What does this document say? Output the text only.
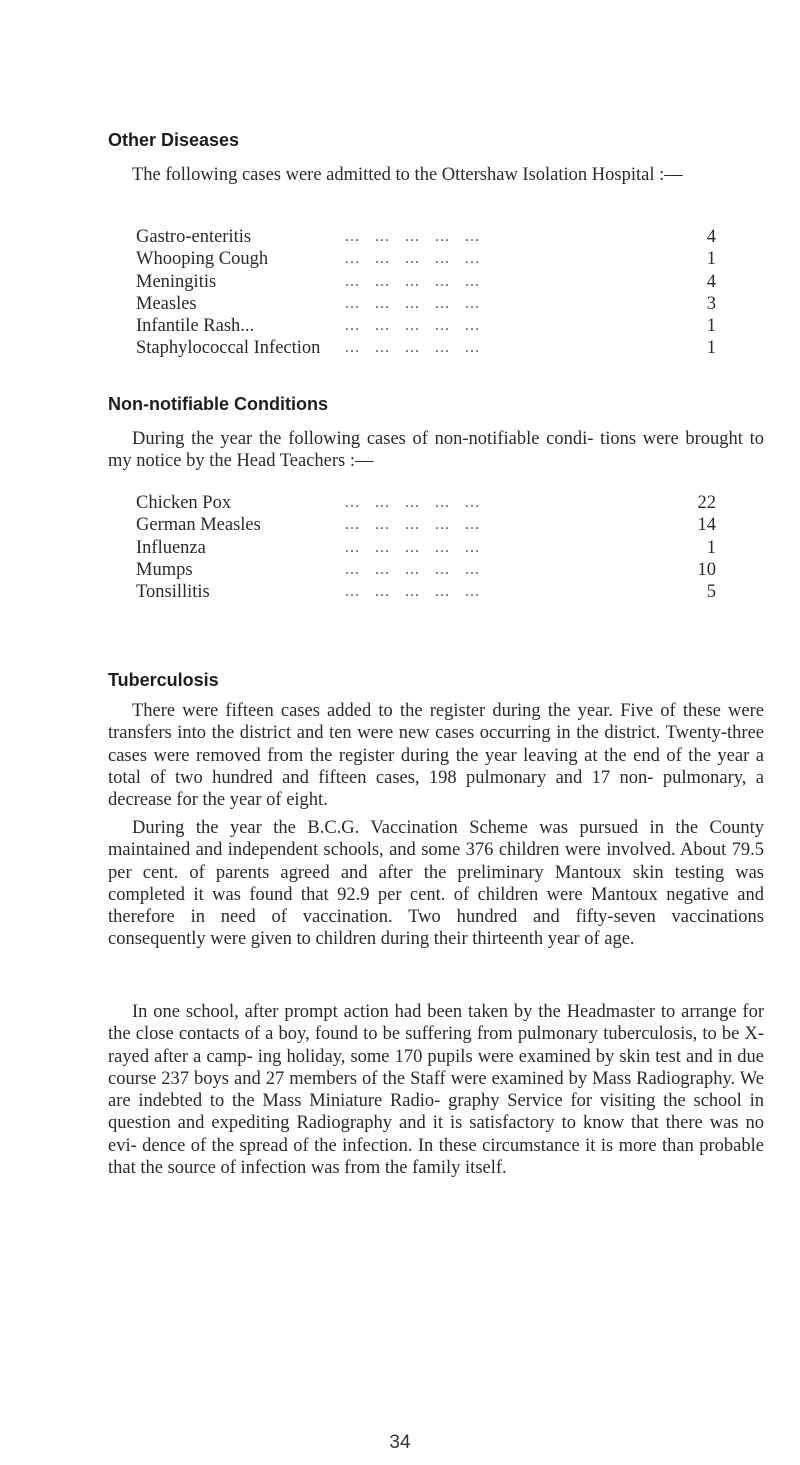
Other Diseases

The following cases were admitted to the Ottershaw Isolation Hospital :—

Gastro-enteritis	...   ...   ...   ...   ...	4
Whooping Cough	...   ...   ...   ...   ...	1
Meningitis	...   ...   ...   ...   ...	4
Measles	...   ...   ...   ...   ...	3
Infantile Rash...	...   ...   ...   ...   ...	1
Staphylococcal Infection ...   ...   ...   ...   ...	1
Non-notifiable Conditions

During the year the following cases of non-notifiable condi- tions were brought to my notice by the Head Teachers :—

Chicken Pox	...   ...   ...   ...   ...	22
German Measles	...   ...   ...   ...   ...	14
Influenza	...   ...   ...   ...   ...	1
Mumps	...   ...   ...   ...   ...	10
Tonsillitis	...   ...   ...   ...   ...	5
Tuberculosis

There were fifteen cases added to the register during the year. Five of these were transfers into the district and ten were new cases occurring in the district. Twenty-three cases were removed from the register during the year leaving at the end of the year a total of two hundred and fifteen cases, 198 pulmonary and 17 non- pulmonary, a decrease for the year of eight.

During the year the B.C.G. Vaccination Scheme was pursued in the County maintained and independent schools, and some 376 children were involved. About 79.5 per cent. of parents agreed and after the preliminary Mantoux skin testing was completed it was found that 92.9 per cent. of children were Mantoux negative and therefore in need of vaccination. Two hundred and fifty-seven vaccinations consequently were given to children during their thirteenth year of age.

In one school, after prompt action had been taken by the Headmaster to arrange for the close contacts of a boy, found to be suffering from pulmonary tuberculosis, to be X-rayed after a camp- ing holiday, some 170 pupils were examined by skin test and in due course 237 boys and 27 members of the Staff were examined by Mass Radiography. We are indebted to the Mass Miniature Radio- graphy Service for visiting the school in question and expediting Radiography and it is satisfactory to know that there was no evi- dence of the spread of the infection. In these circumstance it is more than probable that the source of infection was from the family itself.

34
